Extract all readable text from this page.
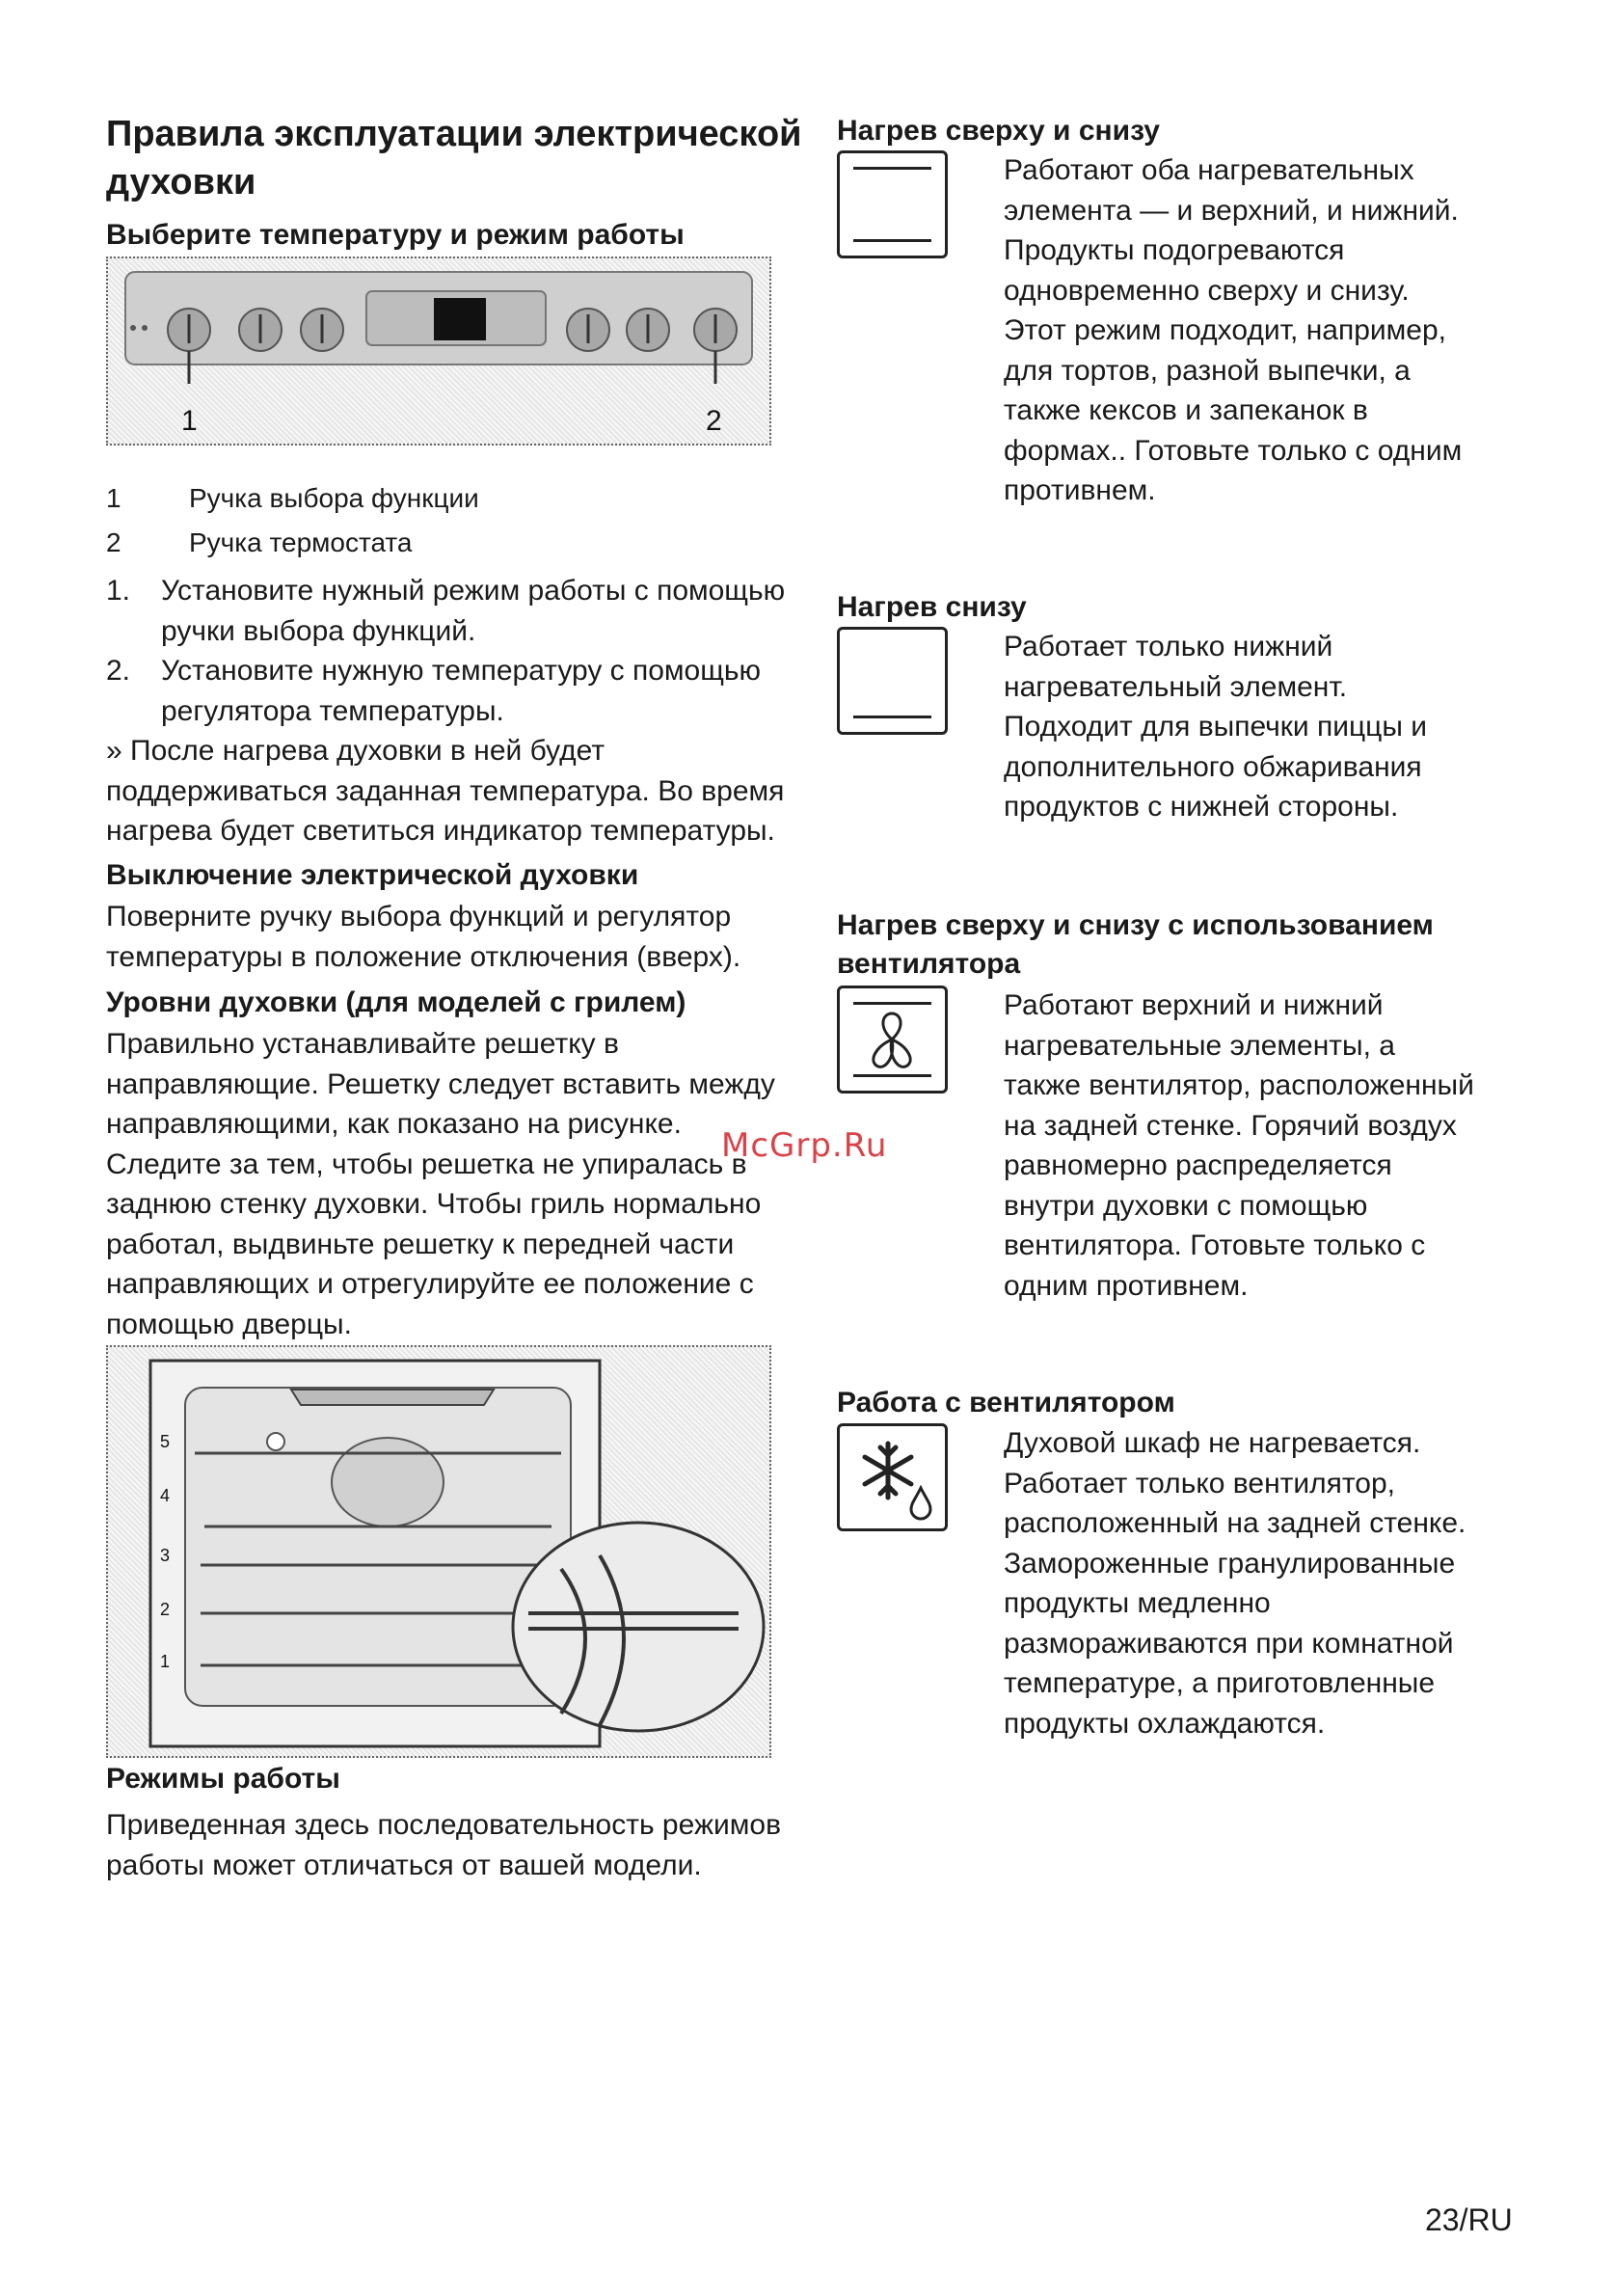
Правила эксплуатации электрической
духовки
Выберите температуру и режим работы
1	2
1	Ручка выбора функции
2	Ручка термостата
1.	Установите нужный режим работы с помощью
ручки выбора функций.
2.	Установите нужную температуру с помощью
регулятора температуры.
» После нагрева духовки в ней будет
поддерживаться заданная температура. Во время
нагрева будет светиться индикатор температуры.
Выключение электрической духовки
Поверните ручку выбора функций и регулятор
температуры в положение отключения (вверх).
Уровни духовки (для моделей с грилем)
Правильно устанавливайте решетку в
направляющие. Решетку следует вставить между
направляющими, как показано на рисунке.
Следите за тем, чтобы решетка не упиралась в
заднюю стенку духовки. Чтобы гриль нормально
работал, выдвиньте решетку к передней части
направляющих и отрегулируйте ее положение с
помощью дверцы.
5
4
3
2
1
Режимы работы
Приведенная здесь последовательность режимов
работы может отличаться от вашей модели.
Нагрев сверху и снизу
Работают оба нагревательных
элемента — и верхний, и нижний.
Продукты подогреваются
одновременно сверху и снизу.
Этот режим подходит, например,
для тортов, разной выпечки, а
также кексов и запеканок в
формах.. Готовьте только с одним
противнем.
Нагрев снизу
Работает только нижний
нагревательный элемент.
Подходит для выпечки пиццы и
дополнительного обжаривания
продуктов с нижней стороны.
Нагрев сверху и снизу с использованием
вентилятора
Работают верхний и нижний
нагревательные элементы, а
также вентилятор, расположенный
на задней стенке. Горячий воздух
равномерно распределяется
внутри духовки с помощью
вентилятора. Готовьте только с
одним противнем.
Работа с вентилятором
Духовой шкаф не нагревается.
Работает только вентилятор,
расположенный на задней стенке.
Замороженные гранулированные
продукты медленно
размораживаются при комнатной
температуре, а приготовленные
продукты охлаждаются.
McGrp.Ru
23/RU
